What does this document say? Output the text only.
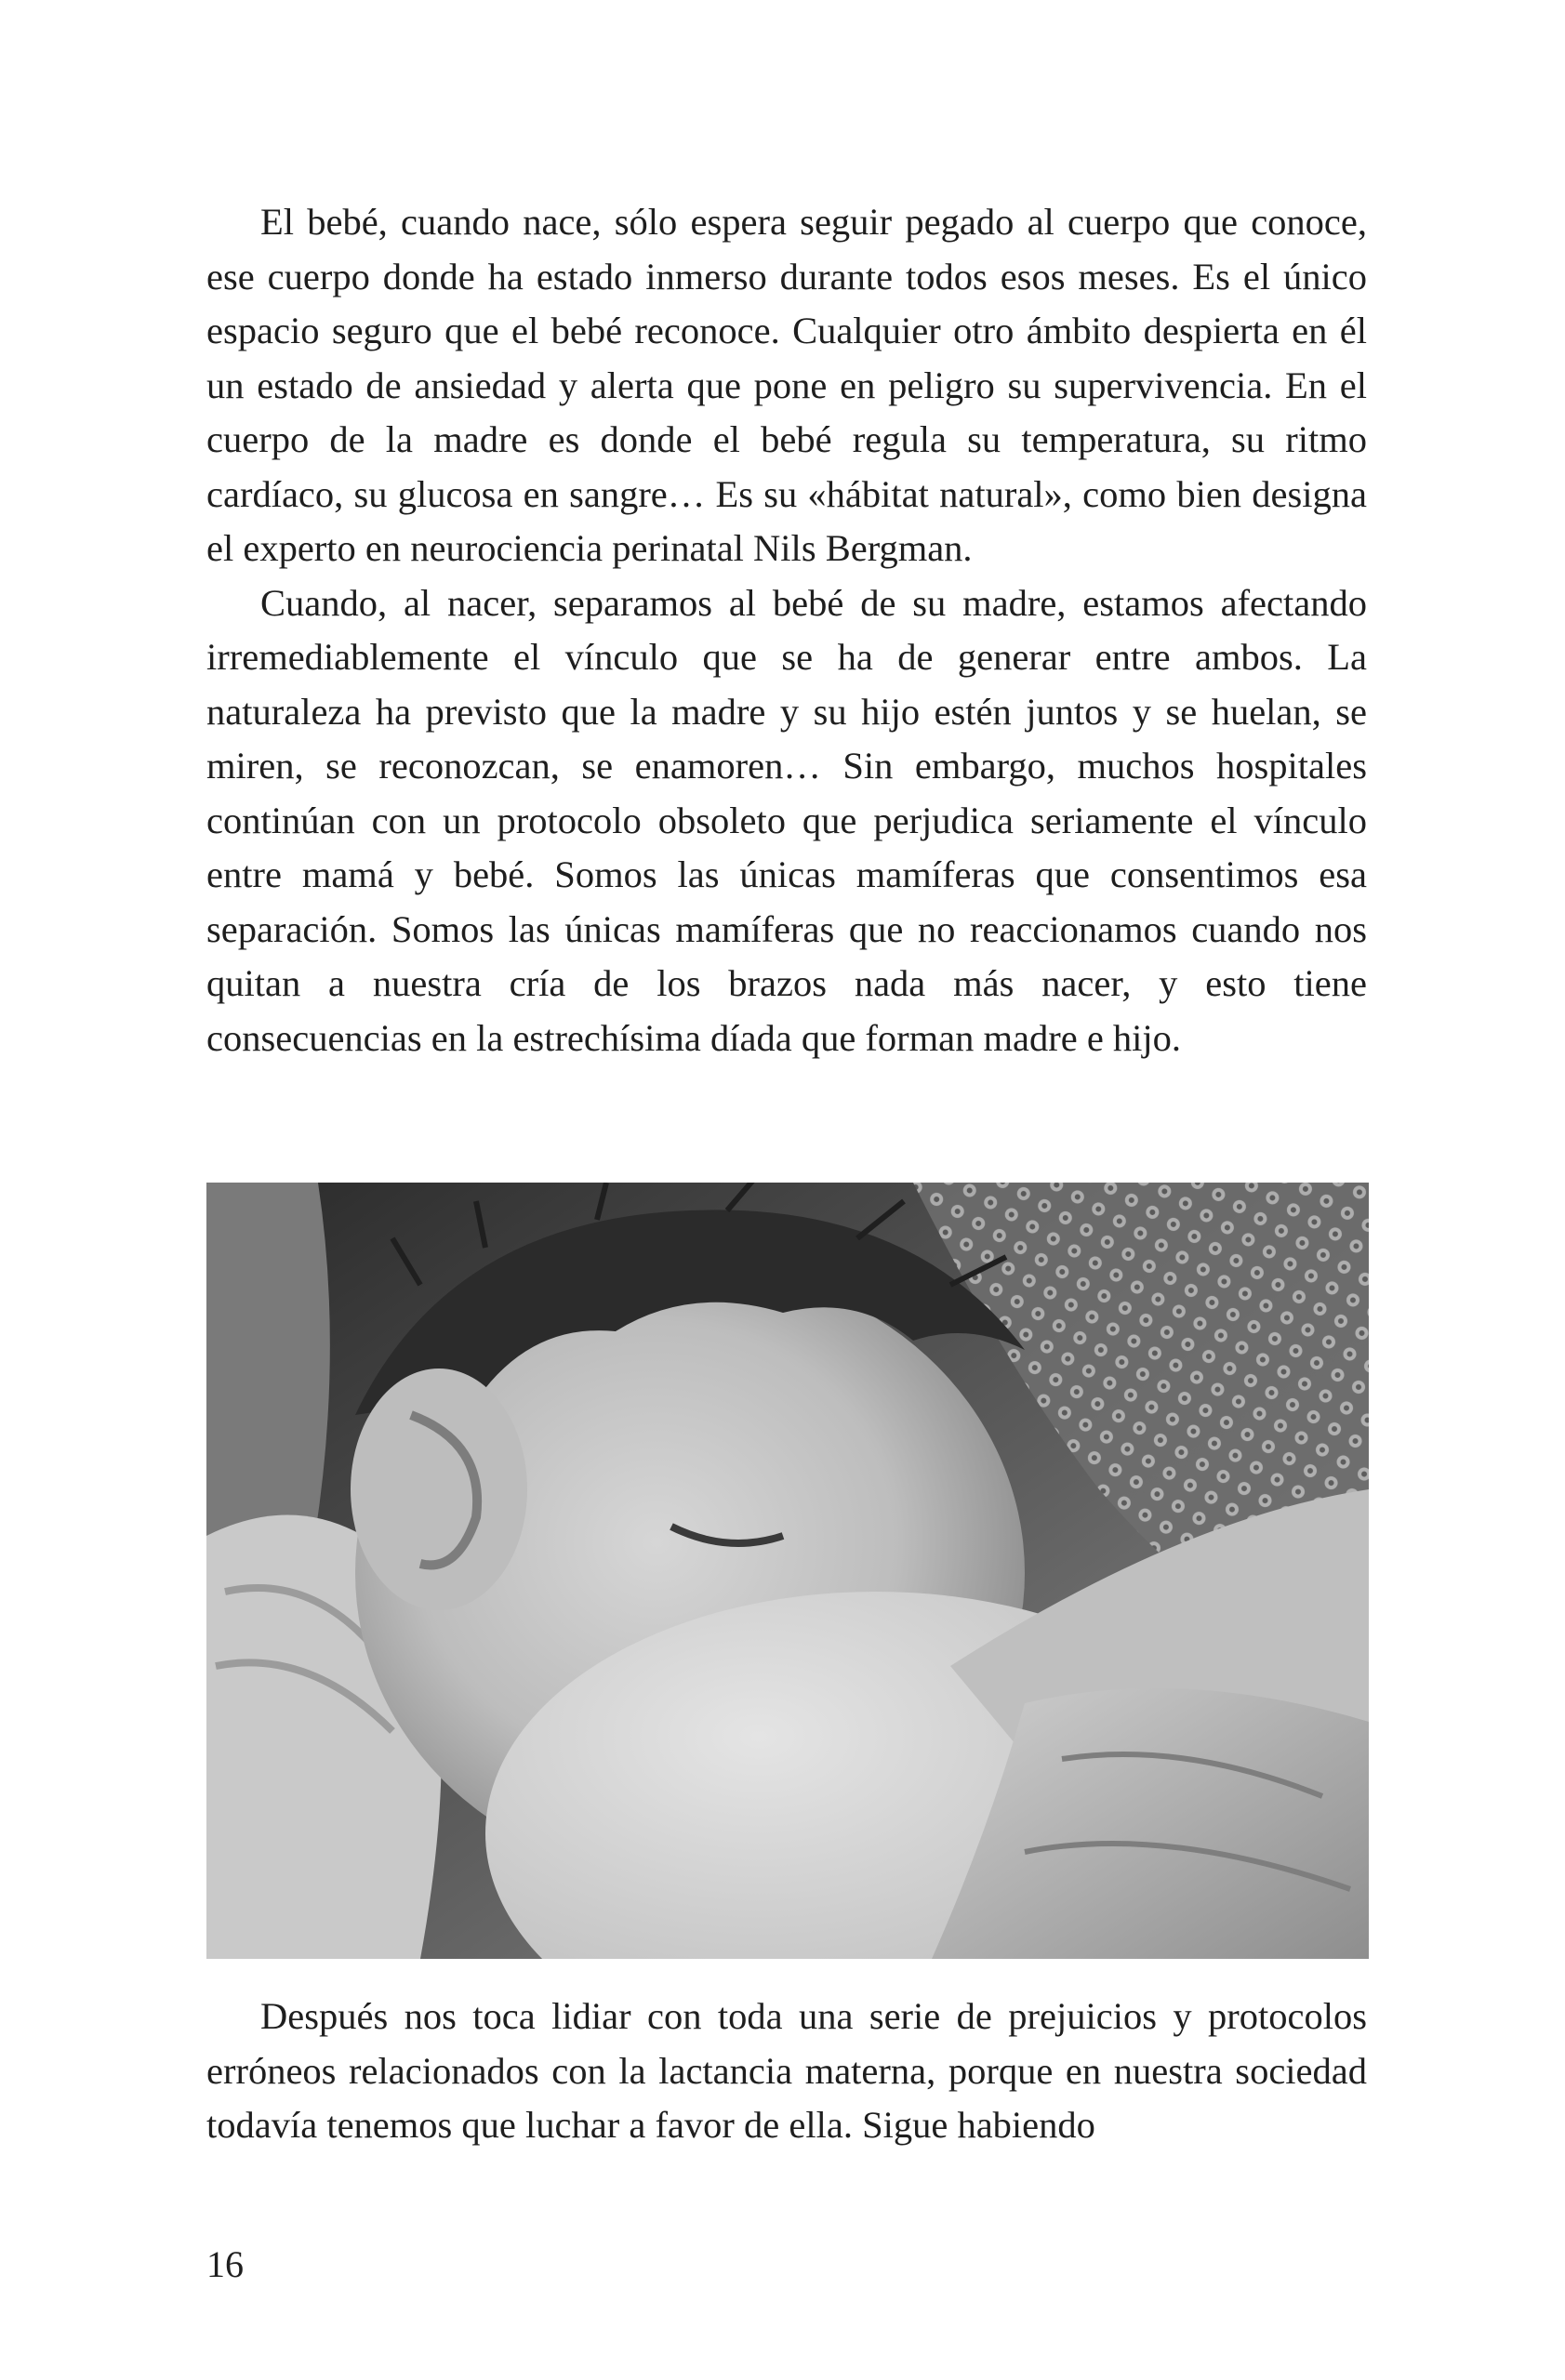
El bebé, cuando nace, sólo espera seguir pegado al cuerpo que conoce, ese cuerpo donde ha estado inmerso durante todos esos meses. Es el único espacio seguro que el bebé reconoce. Cualquier otro ámbito despierta en él un estado de ansiedad y alerta que pone en peligro su supervivencia. En el cuerpo de la madre es donde el bebé regula su temperatura, su ritmo cardíaco, su glucosa en sangre… Es su «hábitat natural», como bien designa el experto en neurociencia perinatal Nils Bergman.

Cuando, al nacer, separamos al bebé de su madre, estamos afectando irremediablemente el vínculo que se ha de generar entre ambos. La naturaleza ha previsto que la madre y su hijo estén juntos y se huelan, se miren, se reconozcan, se enamoren… Sin embargo, muchos hospitales continúan con un protocolo obsoleto que perjudica seriamente el vínculo entre mamá y bebé. Somos las únicas mamíferas que consentimos esa separación. Somos las únicas mamíferas que no reaccionamos cuando nos quitan a nuestra cría de los brazos nada más nacer, y esto tiene consecuencias en la estrechísima díada que forman madre e hijo.

Después nos toca lidiar con toda una serie de prejuicios y protocolos erróneos relacionados con la lactancia materna, porque en nuestra sociedad todavía tenemos que luchar a favor de ella. Sigue habiendo

16
